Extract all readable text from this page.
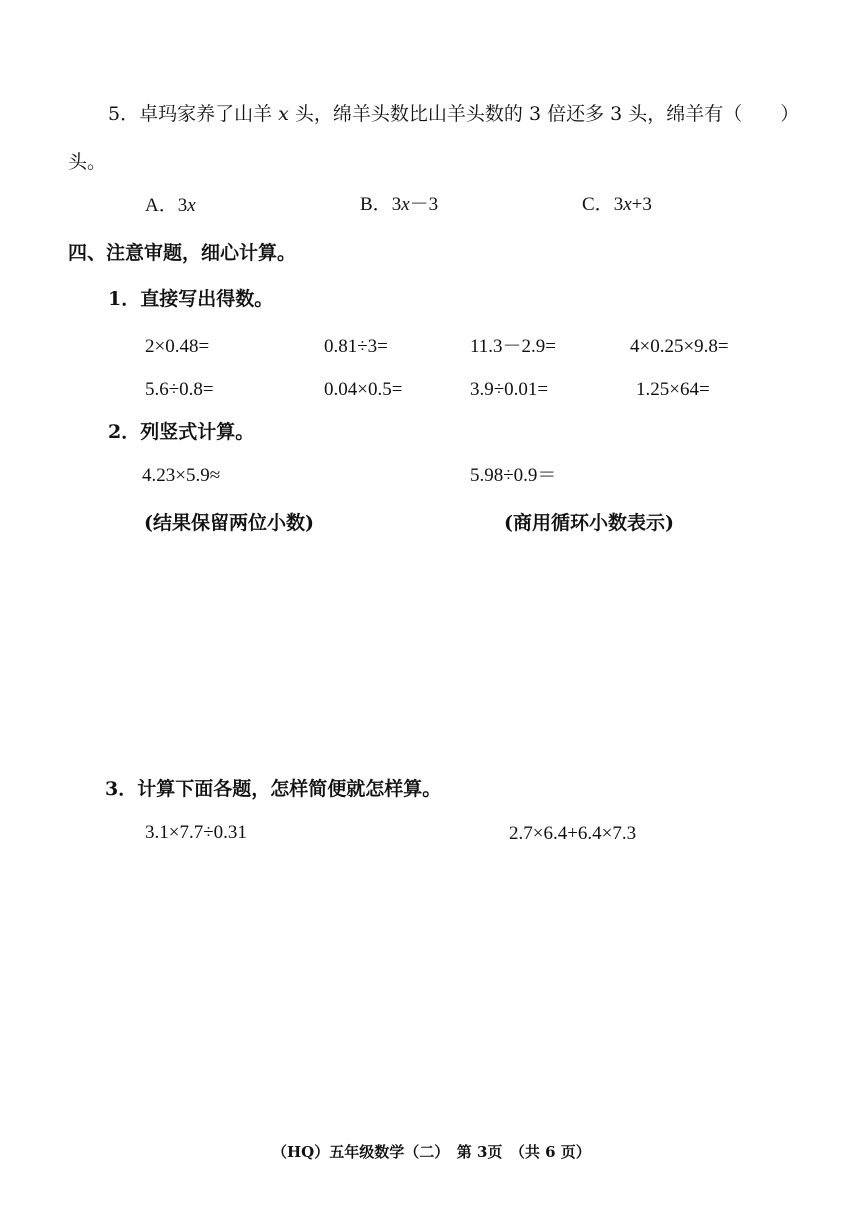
5．卓玛家养了山羊 x 头，绵羊头数比山羊头数的 3 倍还多 3 头，绵羊有（　　）
头。
A．3x	B．3x－3	C．3x+3
四、注意审题，细心计算。
1．直接写出得数。
2×0.48=	0.81÷3=	11.3－2.9=	4×0.25×9.8=
5.6÷0.8=	0.04×0.5=	3.9÷0.01=	1.25×64=
2．列竖式计算。
4.23×5.9≈	5.98÷0.9＝
(结果保留两位小数)	(商用循环小数表示)
3．计算下面各题，怎样简便就怎样算。
3.1×7.7÷0.31	2.7×6.4+6.4×7.3
（HQ）五年级数学（二）　第 3页　（共 6 页）
